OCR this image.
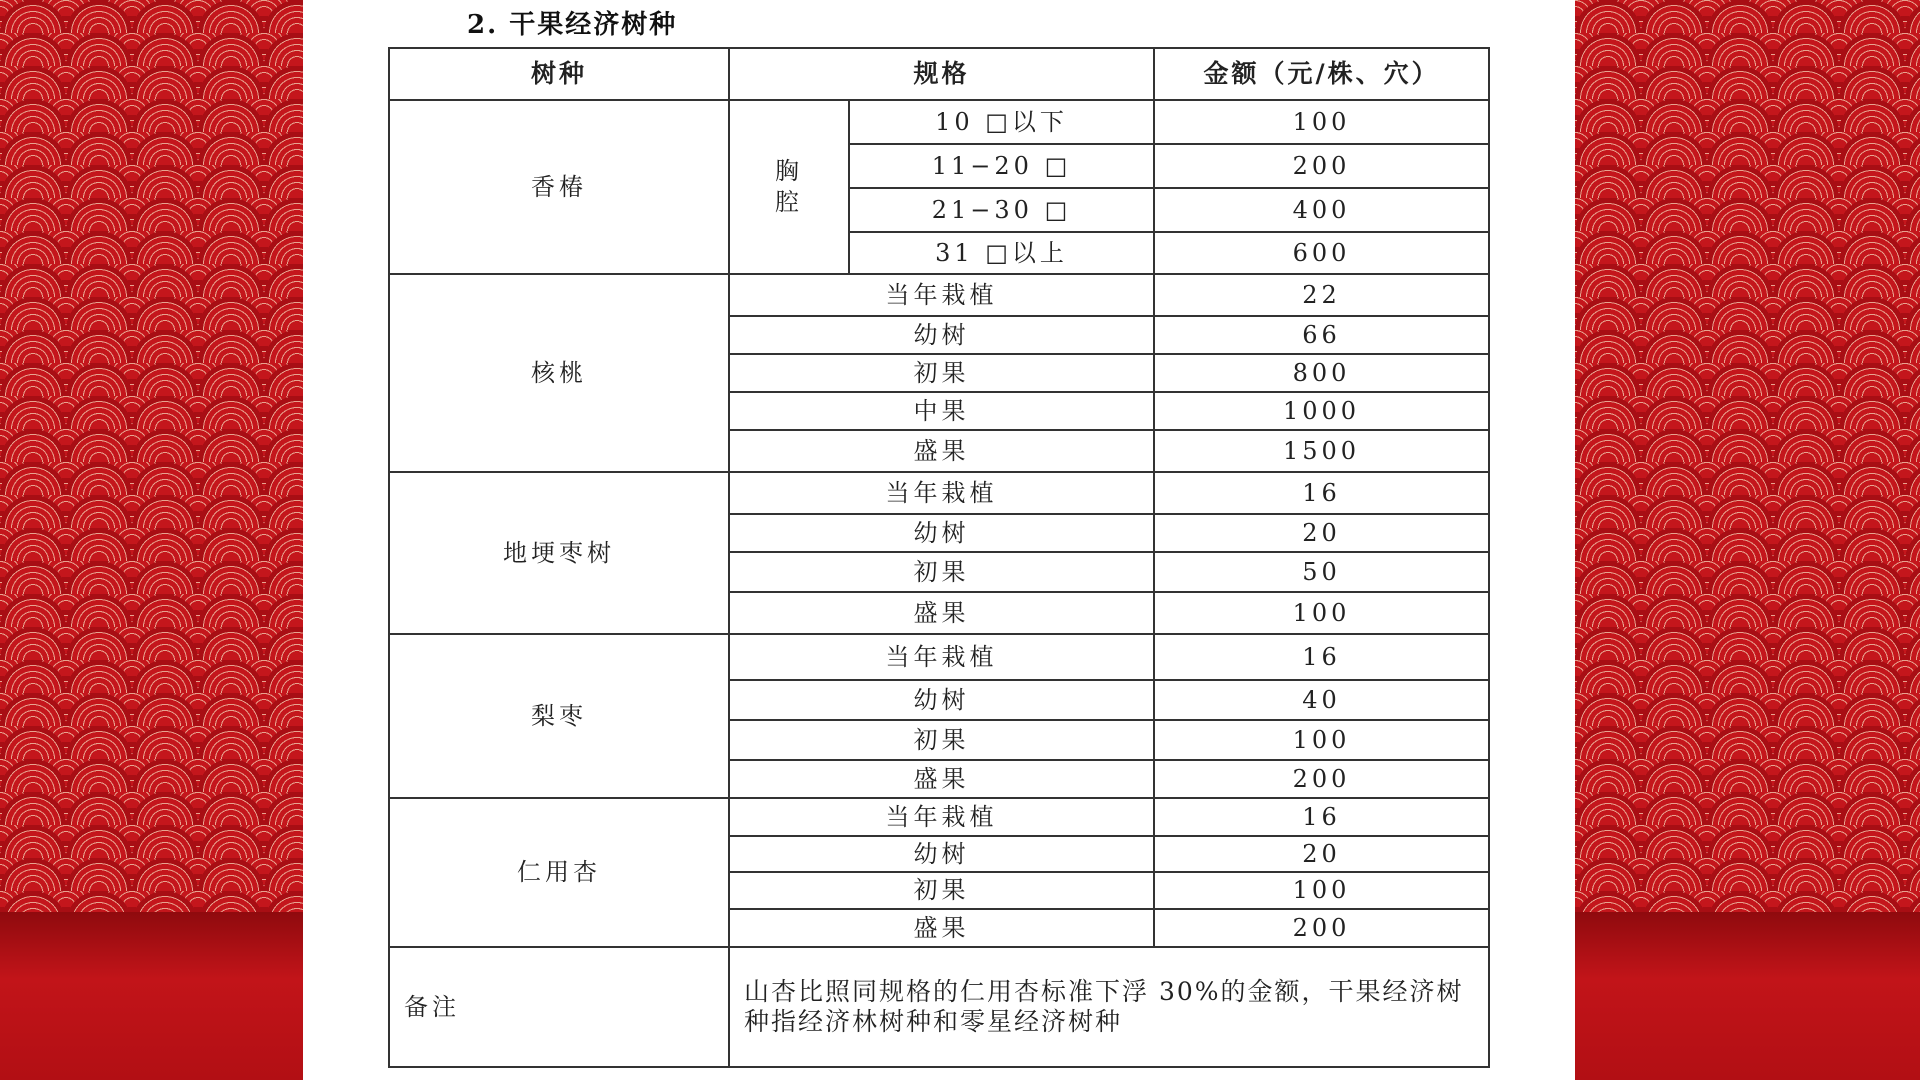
2. 干果经济树种
树种	规格		金额（元/株、穴）
香椿	胸腔	10 □以下	100
		11−20 □	200
		21−30 □	400
		31 □以上	600
核桃	当年栽植		22
	幼树		66
	初果		800
	中果		1000
	盛果		1500
地埂枣树	当年栽植		16
	幼树		20
	初果		50
	盛果		100
梨枣	当年栽植		16
	幼树		40
	初果		100
	盛果		200
仁用杏	当年栽植		16
	幼树		20
	初果		100
	盛果		200
备注	山杏比照同规格的仁用杏标准下浮 30%的金额，干果经济树种指经济林树种和零星经济树种		
